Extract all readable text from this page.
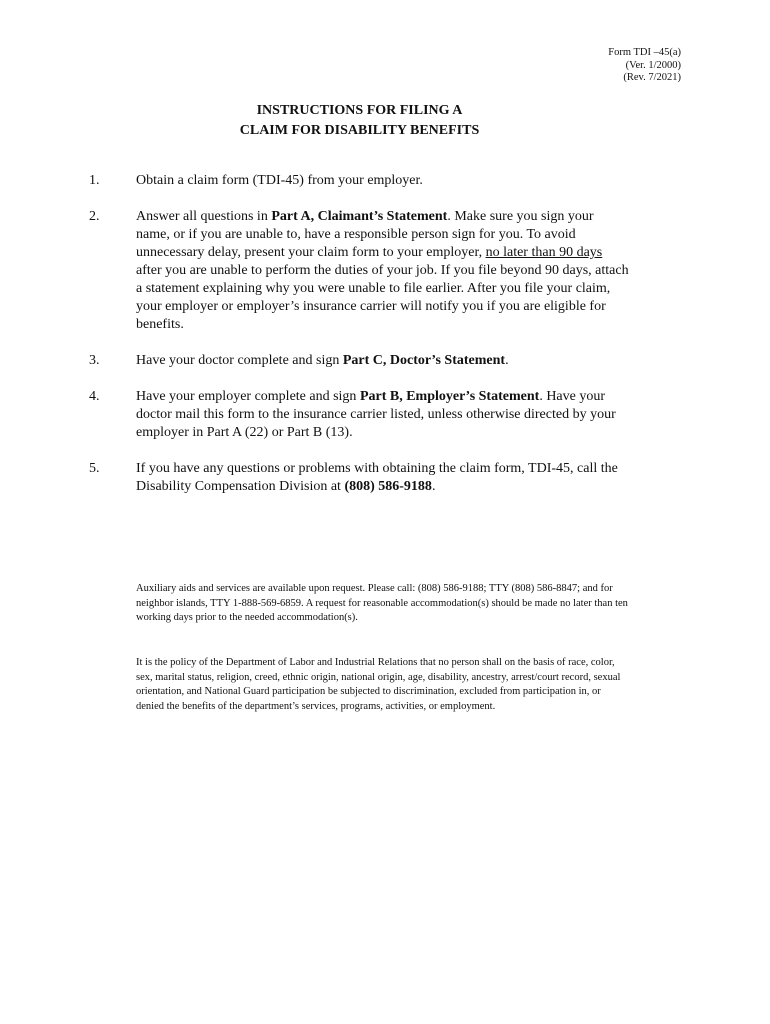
Form TDI –45(a)
(Ver. 1/2000)
(Rev. 7/2021)
INSTRUCTIONS FOR FILING A
CLAIM FOR DISABILITY BENEFITS
1.	Obtain a claim form (TDI-45) from your employer.
2.	Answer all questions in Part A, Claimant’s Statement. Make sure you sign your name, or if you are unable to, have a responsible person sign for you. To avoid unnecessary delay, present your claim form to your employer, no later than 90 days after you are unable to perform the duties of your job. If you file beyond 90 days, attach a statement explaining why you were unable to file earlier. After you file your claim, your employer or employer’s insurance carrier will notify you if you are eligible for benefits.
3.	Have your doctor complete and sign Part C, Doctor’s Statement.
4.	Have your employer complete and sign Part B, Employer’s Statement. Have your doctor mail this form to the insurance carrier listed, unless otherwise directed by your employer in Part A (22) or Part B (13).
5.	If you have any questions or problems with obtaining the claim form, TDI-45, call the Disability Compensation Division at (808) 586-9188.
Auxiliary aids and services are available upon request. Please call: (808) 586-9188; TTY (808) 586-8847; and for neighbor islands, TTY 1-888-569-6859. A request for reasonable accommodation(s) should be made no later than ten working days prior to the needed accommodation(s).
It is the policy of the Department of Labor and Industrial Relations that no person shall on the basis of race, color, sex, marital status, religion, creed, ethnic origin, national origin, age, disability, ancestry, arrest/court record, sexual orientation, and National Guard participation be subjected to discrimination, excluded from participation in, or denied the benefits of the department’s services, programs, activities, or employment.
